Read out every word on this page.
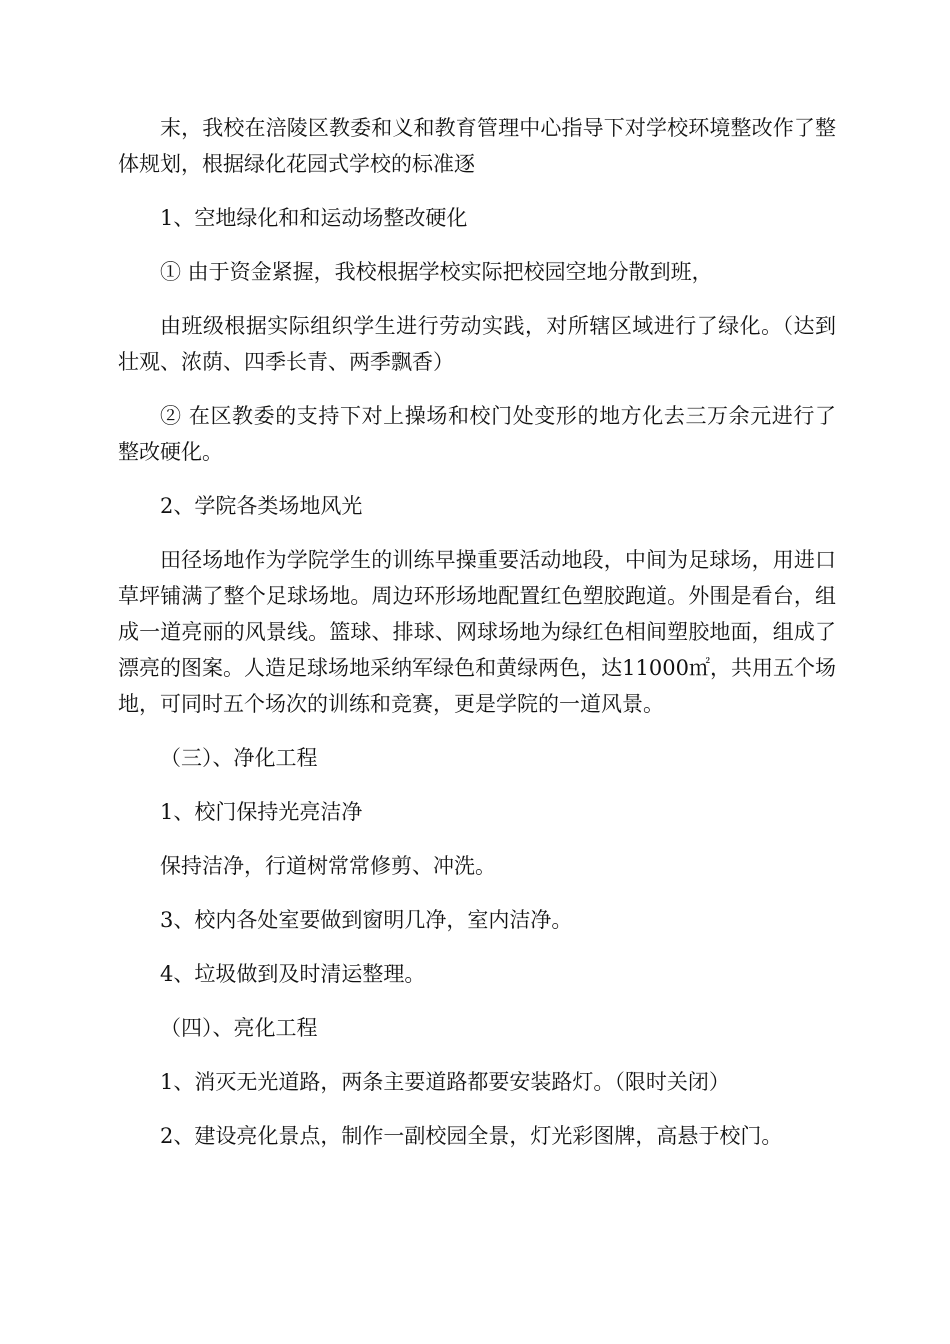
末，我校在涪陵区教委和义和教育管理中心指导下对学校环境整改作了整体规划，根据绿化花园式学校的标准逐

1、空地绿化和和运动场整改硬化

① 由于资金紧握，我校根据学校实际把校园空地分散到班，

由班级根据实际组织学生进行劳动实践，对所辖区域进行了绿化。（达到壮观、浓荫、四季长青、两季飘香）

② 在区教委的支持下对上操场和校门处变形的地方化去三万余元进行了整改硬化。

2、学院各类场地风光

田径场地作为学院学生的训练早操重要活动地段，中间为足球场，用进口草坪铺满了整个足球场地。周边环形场地配置红色塑胶跑道。外围是看台，组成一道亮丽的风景线。篮球、排球、网球场地为绿红色相间塑胶地面，组成了漂亮的图案。人造足球场地采纳军绿色和黄绿两色，达11000㎡，共用五个场地，可同时五个场次的训练和竞赛，更是学院的一道风景。

（三）、净化工程

1、校门保持光亮洁净

保持洁净，行道树常常修剪、冲洗。

3、校内各处室要做到窗明几净，室内洁净。

4、垃圾做到及时清运整理。

（四）、亮化工程

1、消灭无光道路，两条主要道路都要安装路灯。（限时关闭）

2、建设亮化景点，制作一副校园全景，灯光彩图牌，高悬于校门。
